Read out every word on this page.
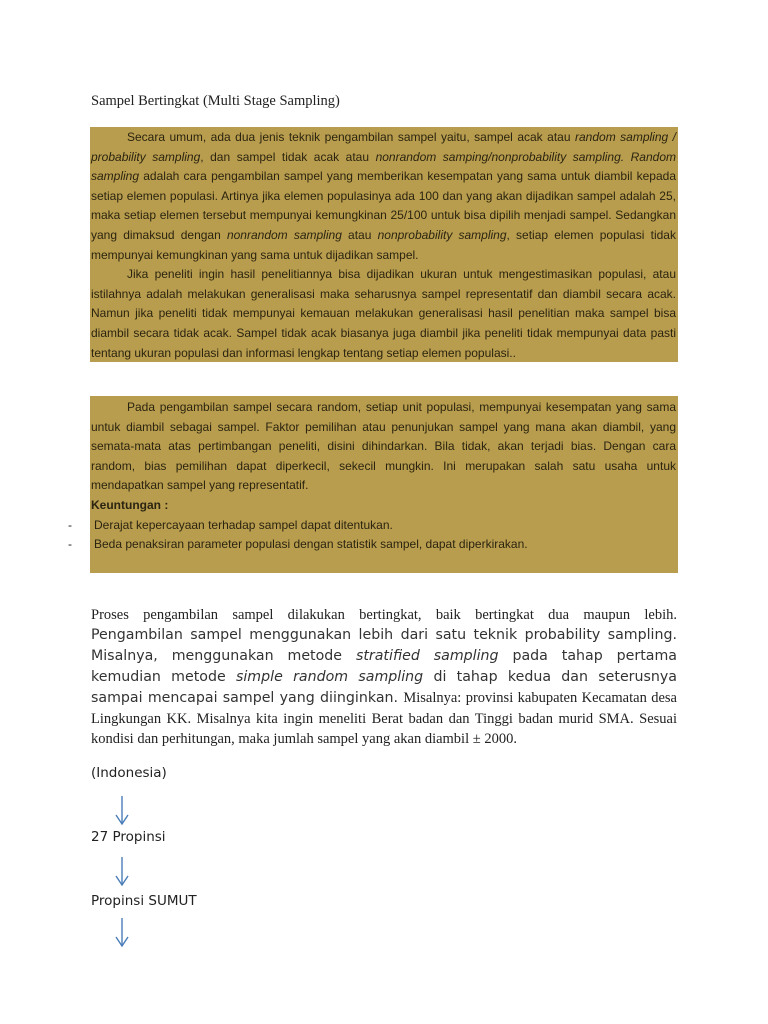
Sampel Bertingkat (Multi Stage Sampling)

Secara umum, ada dua jenis teknik pengambilan sampel yaitu, sampel acak atau random sampling / probability sampling, dan sampel tidak acak atau nonrandom samping/nonprobability sampling. Random sampling adalah cara pengambilan sampel yang memberikan kesempatan yang sama untuk diambil kepada setiap elemen populasi. Artinya jika elemen populasinya ada 100 dan yang akan dijadikan sampel adalah 25, maka setiap elemen tersebut mempunyai kemungkinan 25/100 untuk bisa dipilih menjadi sampel. Sedangkan yang dimaksud dengan nonrandom sampling atau nonprobability sampling, setiap elemen populasi tidak mempunyai kemungkinan yang sama untuk dijadikan sampel.

Jika peneliti ingin hasil penelitiannya bisa dijadikan ukuran untuk mengestimasikan populasi, atau istilahnya adalah melakukan generalisasi maka seharusnya sampel representatif dan diambil secara acak. Namun jika peneliti tidak mempunyai kemauan melakukan generalisasi hasil penelitian maka sampel bisa diambil secara tidak acak. Sampel tidak acak biasanya juga diambil jika peneliti tidak mempunyai data pasti tentang ukuran populasi dan informasi lengkap tentang setiap elemen populasi..

Pada pengambilan sampel secara random, setiap unit populasi, mempunyai kesempatan yang sama untuk diambil sebagai sampel. Faktor pemilihan atau penunjukan sampel yang mana akan diambil, yang semata-mata atas pertimbangan peneliti, disini dihindarkan. Bila tidak, akan terjadi bias. Dengan cara random, bias pemilihan dapat diperkecil, sekecil mungkin. Ini merupakan salah satu usaha untuk mendapatkan sampel yang representatif.

Keuntungan :

-	Derajat kepercayaan terhadap sampel dapat ditentukan.

-	Beda penaksiran parameter populasi dengan statistik sampel, dapat diperkirakan.

Proses pengambilan sampel dilakukan bertingkat, baik bertingkat dua maupun lebih.
Pengambilan sampel menggunakan lebih dari satu teknik probability sampling. Misalnya, menggunakan metode stratified sampling pada tahap pertama kemudian metode simple random sampling di tahap kedua dan seterusnya sampai mencapai sampel yang diinginkan. Misalnya: provinsi kabupaten Kecamatan desa Lingkungan KK. Misalnya kita ingin meneliti Berat badan dan Tinggi badan murid SMA. Sesuai kondisi dan perhitungan, maka jumlah sampel yang akan diambil ± 2000.
(Indonesia)
27 Propinsi
Propinsi SUMUT
